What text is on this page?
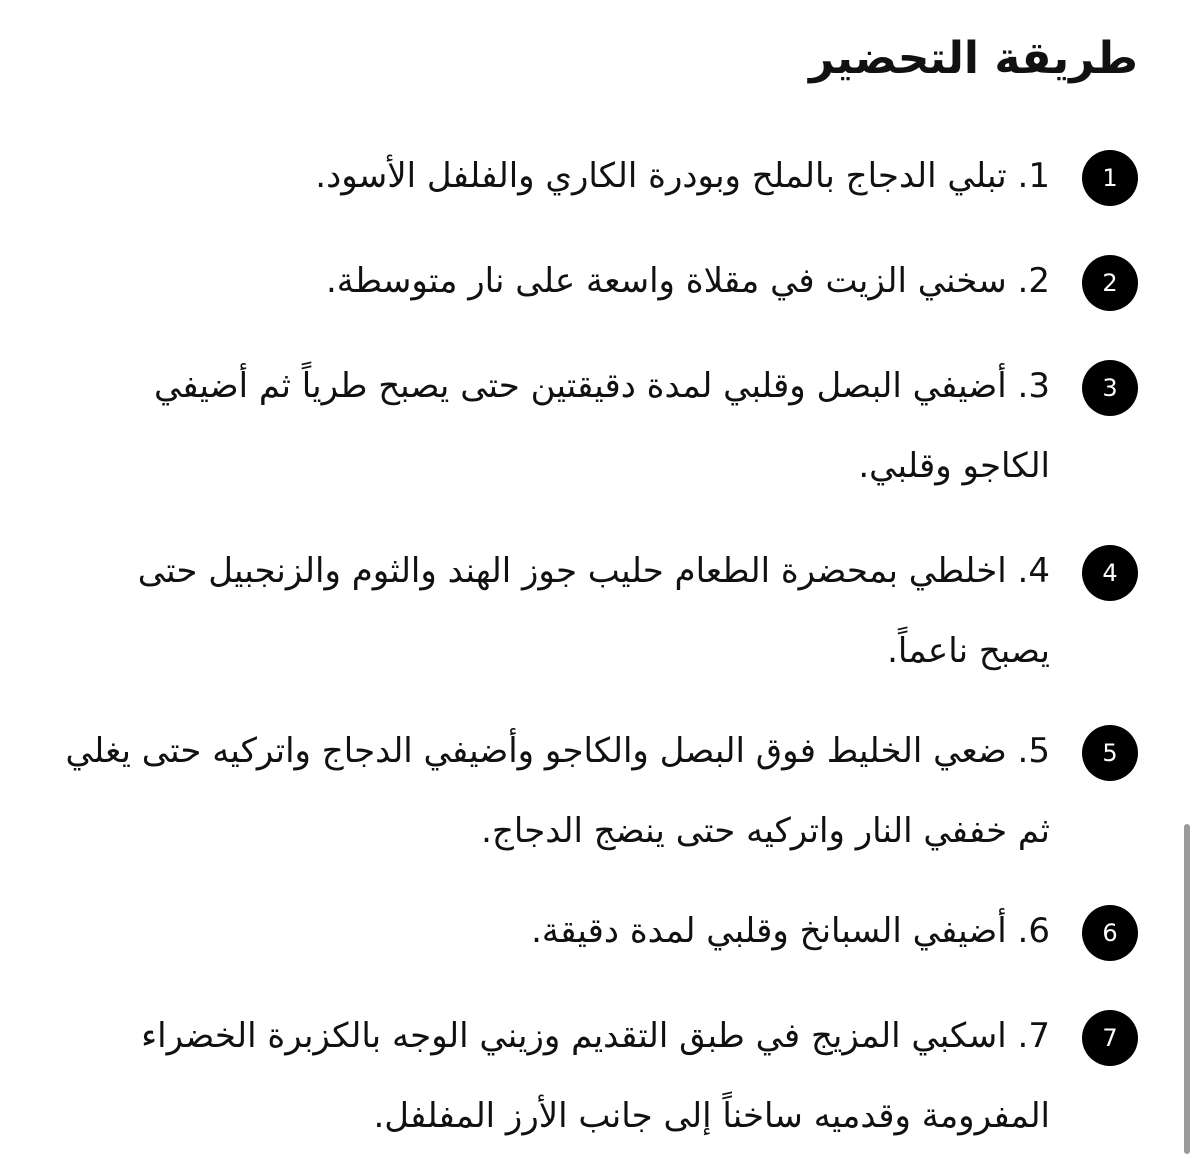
طريقة التحضير
1

1. تبلي الدجاج بالملح وبودرة الكاري والفلفل الأسود.

2

2. سخني الزيت في مقلاة واسعة على نار متوسطة.

3

3. أضيفي البصل وقلبي لمدة دقيقتين حتى يصبح طرياً ثم أضيفي الكاجو وقلبي.

4

4. اخلطي بمحضرة الطعام حليب جوز الهند والثوم والزنجبيل حتى يصبح ناعماً.

5

5. ضعي الخليط فوق البصل والكاجو وأضيفي الدجاج واتركيه حتى يغلي ثم خففي النار واتركيه حتى ينضج الدجاج.

6

6. أضيفي السبانخ وقلبي لمدة دقيقة.

7

7. اسكبي المزيج في طبق التقديم وزيني الوجه بالكزبرة الخضراء المفرومة وقدميه ساخناً إلى جانب الأرز المفلفل.
